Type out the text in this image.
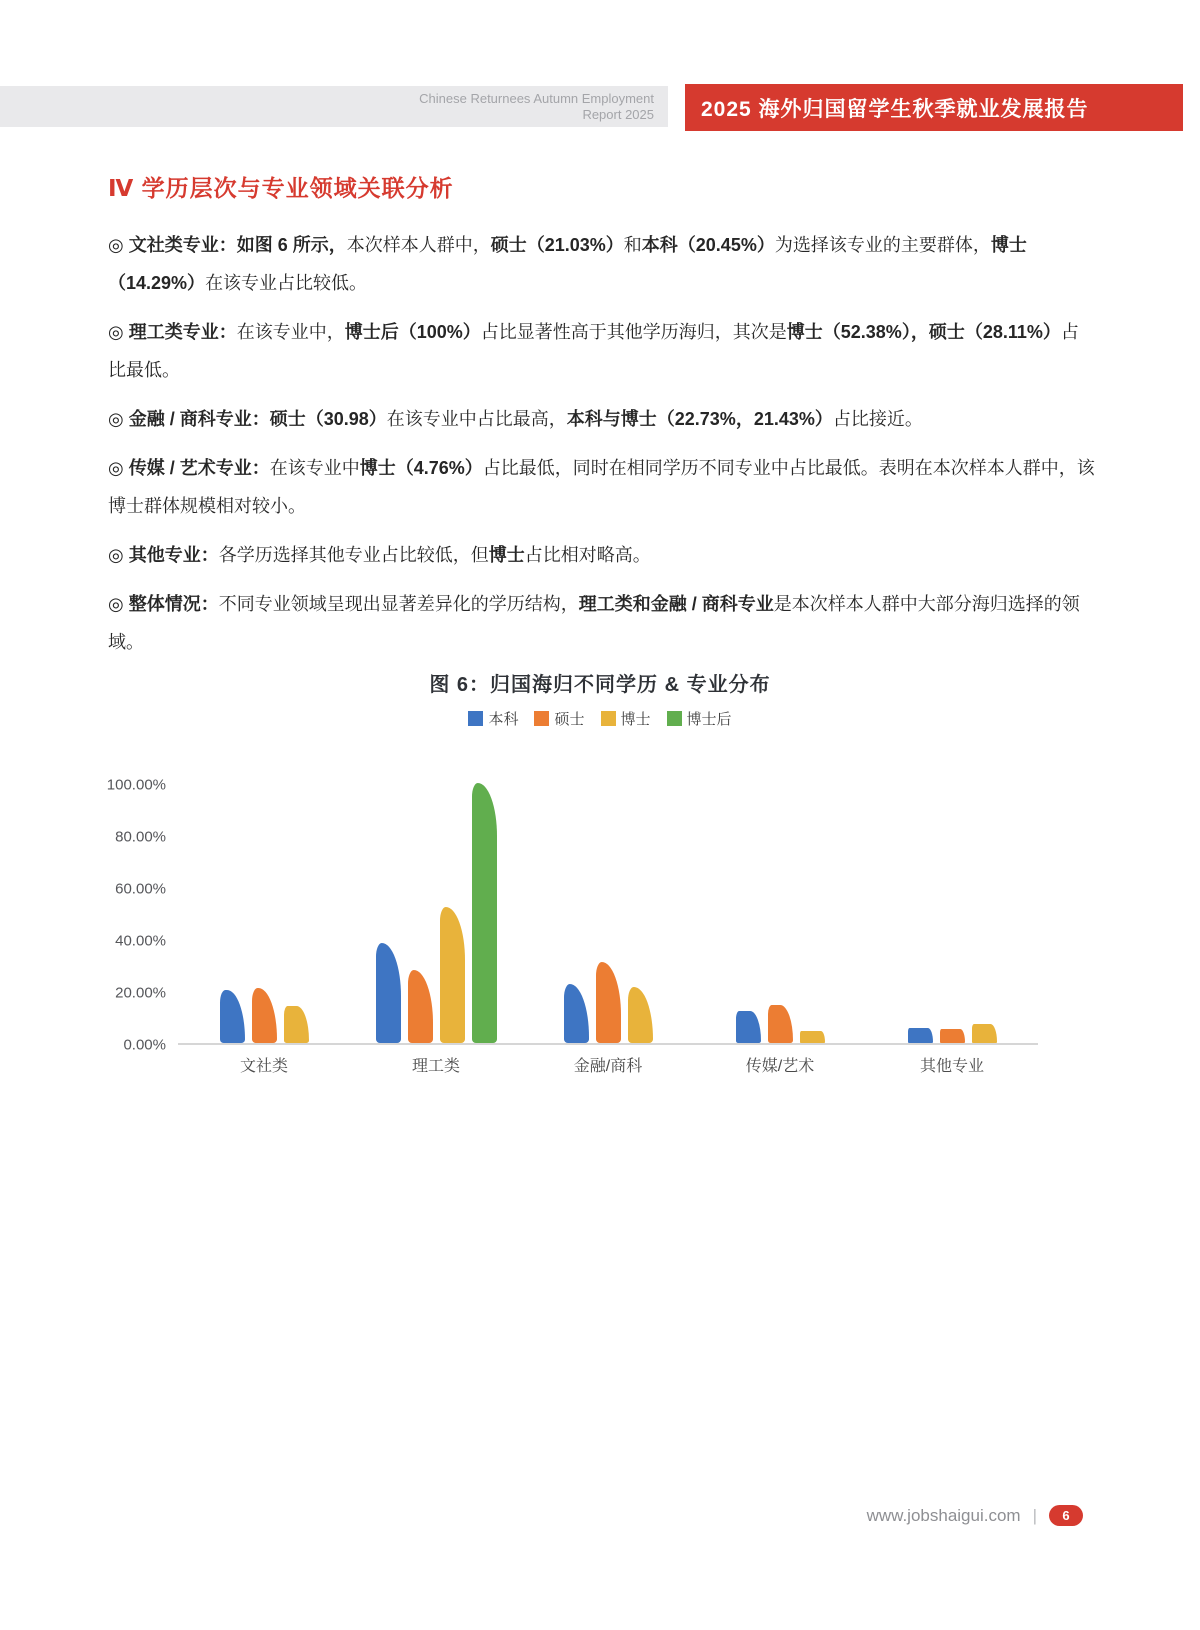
Chinese Returnees Autumn Employment
Report 2025 2025 海外归国留学生秋季就业发展报告
Ⅳ 学历层次与专业领域关联分析

◎ 文社类专业：如图 6 所示，本次样本人群中，硕士（21.03%）和本科（20.45%）为选择该专业的主要群体，博士（14.29%）在该专业占比较低。

◎ 理工类专业：在该专业中，博士后（100%）占比显著性高于其他学历海归，其次是博士（52.38%），硕士（28.11%）占比最低。

◎ 金融 / 商科专业：硕士（30.98）在该专业中占比最高，本科与博士（22.73%，21.43%）占比接近。

◎ 传媒 / 艺术专业：在该专业中博士（4.76%）占比最低，同时在相同学历不同专业中占比最低。表明在本次样本人群中，该博士群体规模相对较小。

◎ 其他专业：各学历选择其他专业占比较低，但博士占比相对略高。

◎ 整体情况：不同专业领域呈现出显著差异化的学历结构，理工类和金融 / 商科专业是本次样本人群中大部分海归选择的领域。

图 6：归国海归不同学历 & 专业分布
本科 硕士 博士 博士后
100.00%
80.00%
60.00%
40.00%
20.00%
0.00%
文社类	理工类	金融/商科	传媒/艺术	其他专业
www.jobshaigui.com |	6
